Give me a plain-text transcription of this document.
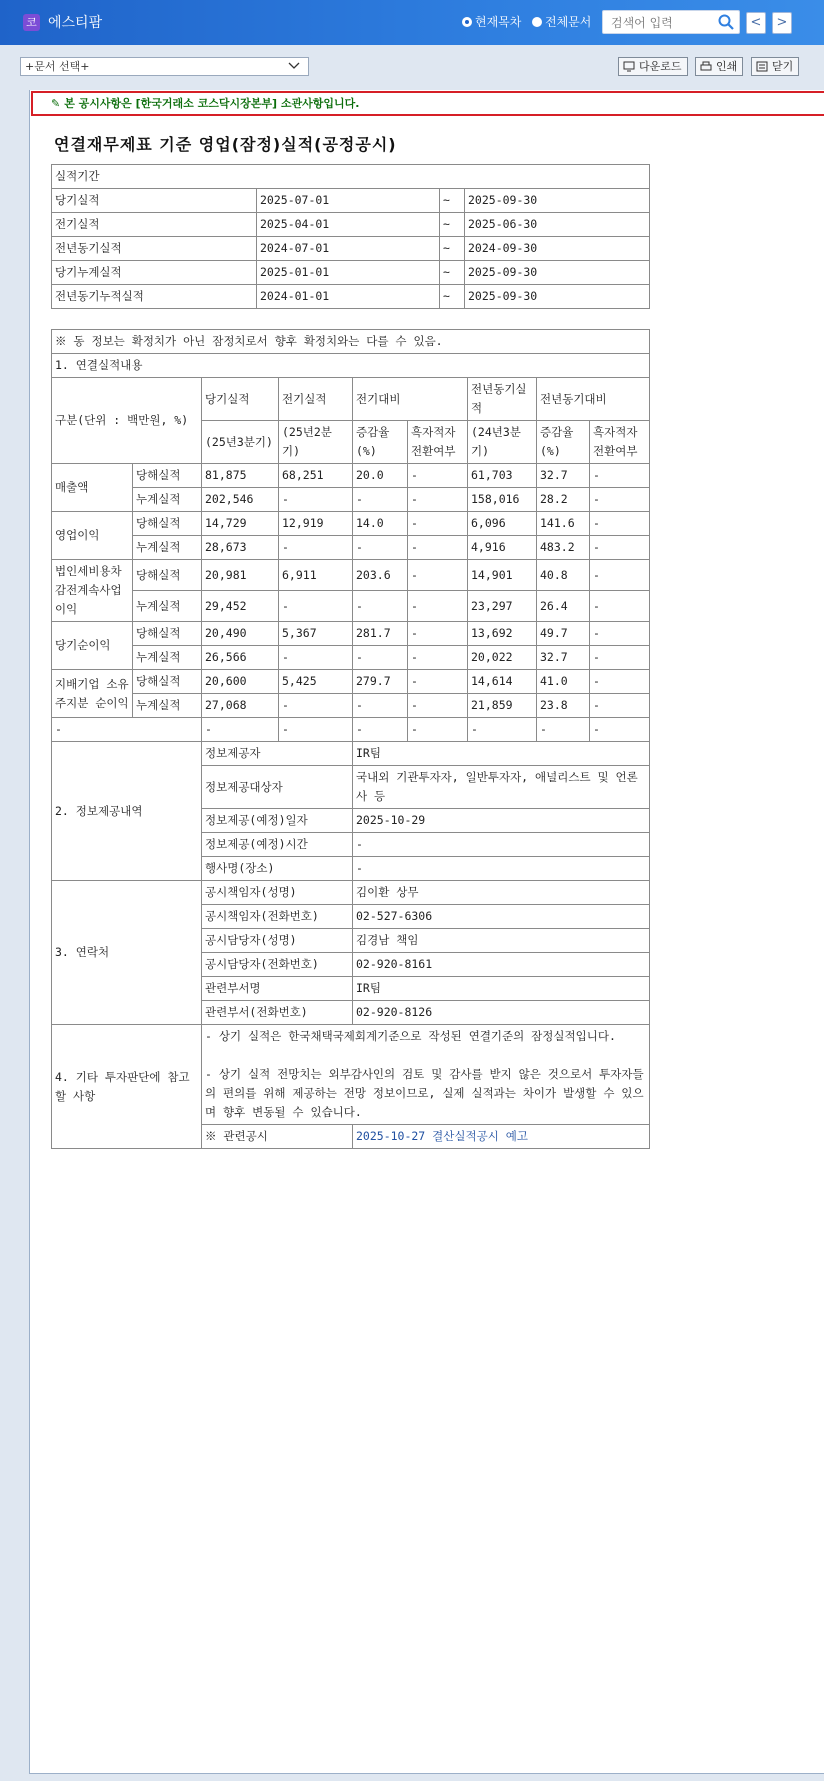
코 에스티팜	현재목차 전체문서
검색어 입력	<	>
+문서 선택+	다운로드	인쇄	닫기
✎ 본 공시사항은 [한국거래소 코스닥시장본부] 소관사항입니다.
연결재무제표 기준 영업(잠정)실적(공정공시)
실적기간			
당기실적	2025-07-01	~	2025-09-30
전기실적	2025-04-01	~	2025-06-30
전년동기실적	2024-07-01	~	2024-09-30
당기누계실적	2025-01-01	~	2025-09-30
전년동기누적실적	2024-01-01	~	2025-09-30
※ 동 정보는 확정치가 아닌 잠정치로서 향후 확정치와는 다를 수 있음.								
1. 연결실적내용								
구분(단위 : 백만원, %)		당기실적	전기실적	전기대비		전년동기실적	전년동기대비	
		(25년3분기)	(25년2분기)	증감율(%)	흑자적자전환여부	(24년3분기)	증감율(%)	흑자적자전환여부
매출액	당해실적	81,875	68,251	20.0	-	61,703	32.7	-
	누계실적	202,546	-	-	-	158,016	28.2	-
영업이익	당해실적	14,729	12,919	14.0	-	6,096	141.6	-
	누계실적	28,673	-	-	-	4,916	483.2	-
법인세비용차감전계속사업이익	당해실적	20,981	6,911	203.6	-	14,901	40.8	-
	누계실적	29,452	-	-	-	23,297	26.4	-
당기순이익	당해실적	20,490	5,367	281.7	-	13,692	49.7	-
	누계실적	26,566	-	-	-	20,022	32.7	-
지배기업 소유주지분 순이익	당해실적	20,600	5,425	279.7	-	14,614	41.0	-
	누계실적	27,068	-	-	-	21,859	23.8	-
-		-	-	-	-	-	-	-
2. 정보제공내역		정보제공자		IR팀				
		정보제공대상자		국내외 기관투자자, 일반투자자, 애널리스트 및 언론사 등				
		정보제공(예정)일자		2025-10-29				
		정보제공(예정)시간		-				
		행사명(장소)		-				
3. 연락처		공시책임자(성명)		김이환 상무				
		공시책임자(전화번호)		02-527-6306				
		공시담당자(성명)		김경남 책임				
		공시담당자(전화번호)		02-920-8161				
		관련부서명		IR팀				
		관련부서(전화번호)		02-920-8126				
4. 기타 투자판단에 참고할 사항		- 상기 실적은 한국채택국제회계기준으로 작성된 연결기준의 잠정실적입니다.
- 상기 실적 전망치는 외부감사인의 검토 및 감사를 받지 않은 것으로서 투자자들의 편의를 위해 제공하는 전망 정보이므로, 실제 실적과는 차이가 발생할 수 있으며 향후 변동될 수 있습니다.						

		※ 관련공시		2025-10-27 결산실적공시 예고				
